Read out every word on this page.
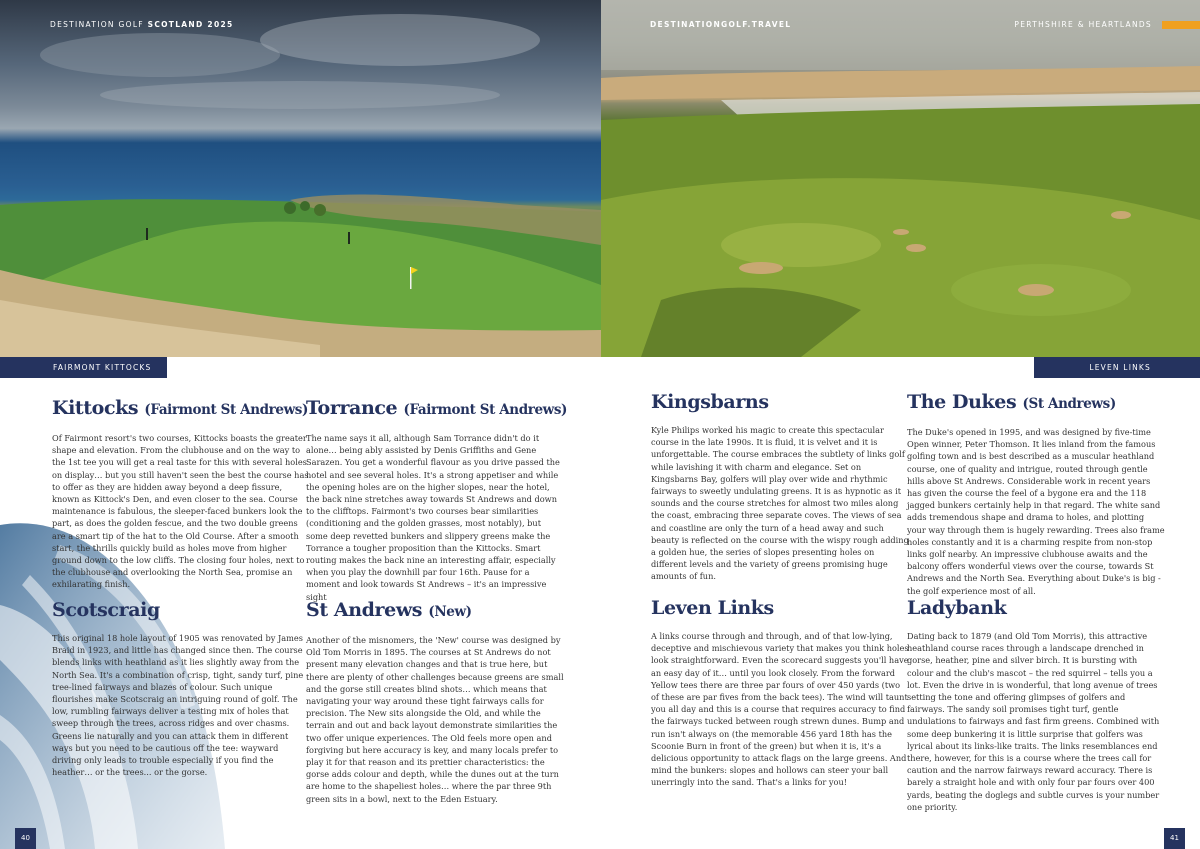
DESTINATION GOLF SCOTLAND 2025	DESTINATIONGOLF.TRAVEL	PERTHSHIRE & HEARTLANDS
FAIRMONT KITTOCKS	LEVEN LINKS
Kittocks (Fairmont St Andrews)

Of Fairmont resort's two courses, Kittocks boasts the greater shape and elevation. From the clubhouse and on the way to the 1st tee you will get a real taste for this with several holes on display… but you still haven't seen the best the course has to offer as they are hidden away beyond a deep fissure, known as Kittock's Den, and even closer to the sea. Course maintenance is fabulous, the sleeper-faced bunkers look the part, as does the golden fescue, and the two double greens are a smart tip of the hat to the Old Course. After a smooth start, the thrills quickly build as holes move from higher ground down to the low cliffs. The closing four holes, next to the clubhouse and overlooking the North Sea, promise an exhilarating finish.

Torrance (Fairmont St Andrews)

The name says it all, although Sam Torrance didn't do it alone… being ably assisted by Denis Griffiths and Gene Sarazen. You get a wonderful flavour as you drive passed the hotel and see several holes. It's a strong appetiser and while the opening holes are on the higher slopes, near the hotel, the back nine stretches away towards St Andrews and down to the clifftops. Fairmont's two courses bear similarities (conditioning and the golden grasses, most notably), but some deep revetted bunkers and slippery greens make the Torrance a tougher proposition than the Kittocks. Smart routing makes the back nine an interesting affair, especially when you play the downhill par four 16th. Pause for a moment and look towards St Andrews – it's an impressive sight

Scotscraig

This original 18 hole layout of 1905 was renovated by James Braid in 1923, and little has changed since then. The course blends links with heathland as it lies slightly away from the North Sea. It's a combination of crisp, tight, sandy turf, pine tree-lined fairways and blazes of colour. Such unique flourishes make Scotscraig an intriguing round of golf. The low, rumbling fairways deliver a testing mix of holes that sweep through the trees, across ridges and over chasms. Greens lie naturally and you can attack them in different ways but you need to be cautious off the tee: wayward driving only leads to trouble especially if you find the heather… or the trees... or the gorse.

St Andrews (New)

Another of the misnomers, the 'New' course was designed by Old Tom Morris in 1895. The courses at St Andrews do not present many elevation changes and that is true here, but there are plenty of other challenges because greens are small and the gorse still creates blind shots… which means that navigating your way around these tight fairways calls for precision. The New sits alongside the Old, and while the terrain and out and back layout demonstrate similarities the two offer unique experiences. The Old feels more open and forgiving but here accuracy is key, and many locals prefer to play it for that reason and its prettier characteristics: the gorse adds colour and depth, while the dunes out at the turn are home to the shapeliest holes… where the par three 9th green sits in a bowl, next to the Eden Estuary.

Kingsbarns

Kyle Philips worked his magic to create this spectacular course in the late 1990s. It is fluid, it is velvet and it is unforgettable. The course embraces the subtlety of links golf while lavishing it with charm and elegance. Set on Kingsbarns Bay, golfers will play over wide and rhythmic fairways to sweetly undulating greens. It is as hypnotic as it sounds and the course stretches for almost two miles along the coast, embracing three separate coves. The views of sea and coastline are only the turn of a head away and such beauty is reflected on the course with the wispy rough adding a golden hue, the series of slopes presenting holes on different levels and the variety of greens promising huge amounts of fun.

The Dukes (St Andrews)

The Duke's opened in 1995, and was designed by five-time Open winner, Peter Thomson. It lies inland from the famous golfing town and is best described as a muscular heathland course, one of quality and intrigue, routed through gentle hills above St Andrews. Considerable work in recent years has given the course the feel of a bygone era and the 118 jagged bunkers certainly help in that regard. The white sand adds tremendous shape and drama to holes, and plotting your way through them is hugely rewarding. Trees also frame holes constantly and it is a charming respite from non-stop links golf nearby. An impressive clubhouse awaits and the balcony offers wonderful views over the course, towards St Andrews and the North Sea. Everything about Duke's is big - the golf experience most of all.

Leven Links

A links course through and through, and of that low-lying, deceptive and mischievous variety that makes you think holes look straightforward. Even the scorecard suggests you'll have an easy day of it… until you look closely. From the forward Yellow tees there are three par fours of over 450 yards (two of these are par fives from the back tees). The wind will taunt you all day and this is a course that requires accuracy to find the fairways tucked between rough strewn dunes. Bump and run isn't always on (the memorable 456 yard 18th has the Scoonie Burn in front of the green) but when it is, it's a delicious opportunity to attack flags on the large greens. And mind the bunkers: slopes and hollows can steer your ball unerringly into the sand. That's a links for you!

Ladybank

Dating back to 1879 (and Old Tom Morris), this attractive heathland course races through a landscape drenched in gorse, heather, pine and silver birch. It is bursting with colour and the club's mascot – the red squirrel – tells you a lot. Even the drive in is wonderful, that long avenue of trees setting the tone and offering glimpses of golfers and fairways. The sandy soil promises tight turf, gentle undulations to fairways and fast firm greens. Combined with some deep bunkering it is little surprise that golfers was lyrical about its links-like traits. The links resemblances end there, however, for this is a course where the trees call for caution and the narrow fairways reward accuracy. There is barely a straight hole and with only four par fours over 400 yards, beating the doglegs and subtle curves is your number one priority.

40	41
